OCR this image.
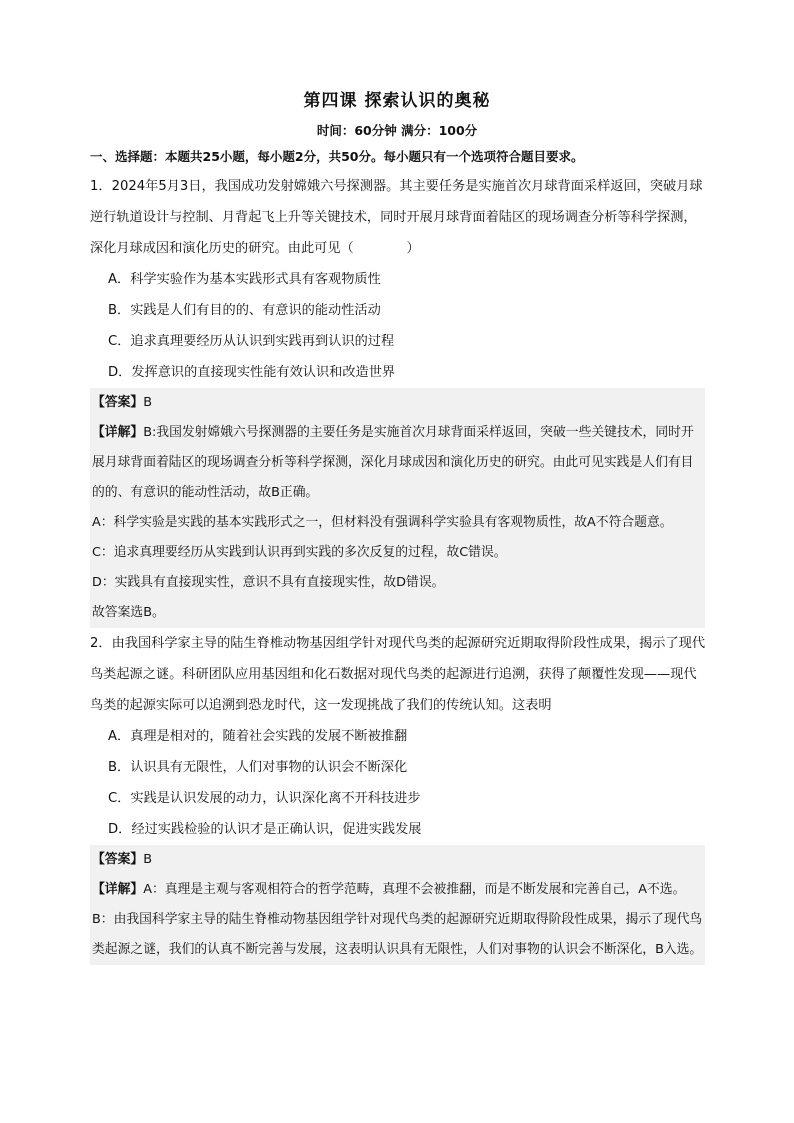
第四课 探索认识的奥秘
时间：60分钟 满分：100分
一、选择题：本题共25小题，每小题2分，共50分。每小题只有一个选项符合题目要求。
1．2024年5月3日，我国成功发射嫦娥六号探测器。其主要任务是实施首次月球背面采样返回，突破月球逆行轨道设计与控制、月背起飞上升等关键技术，同时开展月球背面着陆区的现场调查分析等科学探测，深化月球成因和演化历史的研究。由此可见（　　　　）
A．科学实验作为基本实践形式具有客观物质性
B．实践是人们有目的的、有意识的能动性活动
C．追求真理要经历从认识到实践再到认识的过程
D．发挥意识的直接现实性能有效认识和改造世界

【答案】B

【详解】B:我国发射嫦娥六号探测器的主要任务是实施首次月球背面采样返回，突破一些关键技术，同时开展月球背面着陆区的现场调查分析等科学探测，深化月球成因和演化历史的研究。由此可见实践是人们有目的的、有意识的能动性活动，故B正确。

A：科学实验是实践的基本实践形式之一，但材料没有强调科学实验具有客观物质性，故A不符合题意。

C：追求真理要经历从实践到认识再到实践的多次反复的过程，故C错误。

D：实践具有直接现实性，意识不具有直接现实性，故D错误。

故答案选B。

2．由我国科学家主导的陆生脊椎动物基因组学针对现代鸟类的起源研究近期取得阶段性成果，揭示了现代鸟类起源之谜。科研团队应用基因组和化石数据对现代鸟类的起源进行追溯，获得了颠覆性发现——现代鸟类的起源实际可以追溯到恐龙时代，这一发现挑战了我们的传统认知。这表明
A．真理是相对的，随着社会实践的发展不断被推翻
B．认识具有无限性，人们对事物的认识会不断深化
C．实践是认识发展的动力，认识深化离不开科技进步
D．经过实践检验的认识才是正确认识，促进实践发展

【答案】B

【详解】A：真理是主观与客观相符合的哲学范畴，真理不会被推翻，而是不断发展和完善自己，A不选。

B：由我国科学家主导的陆生脊椎动物基因组学针对现代鸟类的起源研究近期取得阶段性成果，揭示了现代鸟类起源之谜，我们的认真不断完善与发展，这表明认识具有无限性，人们对事物的认识会不断深化，B入选。
